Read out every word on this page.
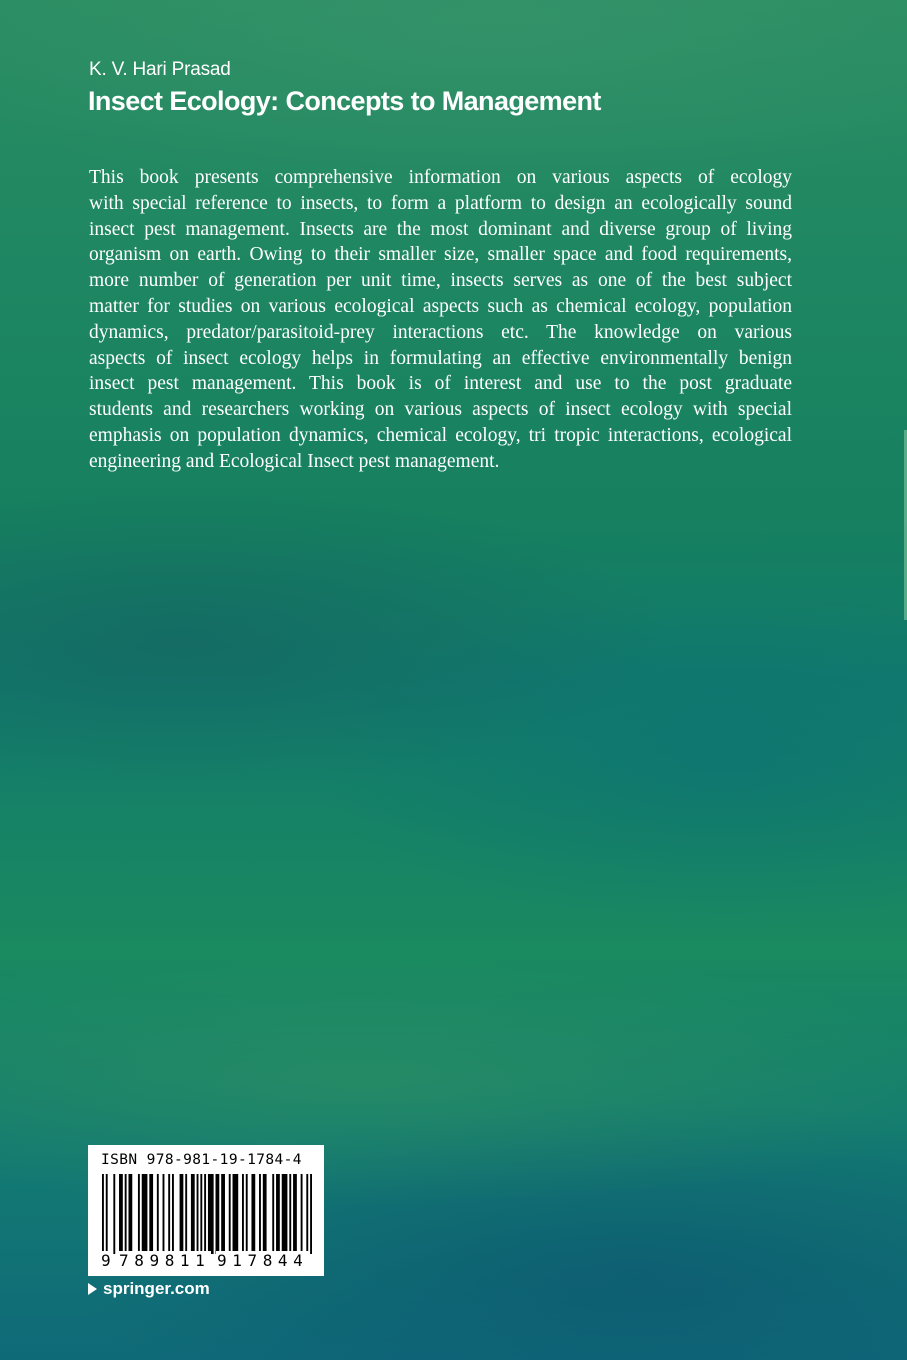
K. V. Hari Prasad
Insect Ecology: Concepts to Management
This book presents comprehensive information on various aspects of ecology
with special reference to insects, to form a platform to design an ecologically sound
insect pest management. Insects are the most dominant and diverse group of living
organism on earth. Owing to their smaller size, smaller space and food requirements,
more number of generation per unit time, insects serves as one of the best subject
matter for studies on various ecological aspects such as chemical ecology, population
dynamics, predator/parasitoid-prey interactions etc. The knowledge on various
aspects of insect ecology helps in formulating an effective environmentally benign
insect pest management. This book is of interest and use to the post graduate
students and researchers working on various aspects of insect ecology with special
emphasis on population dynamics, chemical ecology, tri tropic interactions, ecological
engineering and Ecological Insect pest management.
ISBN 978-981-19-1784-4
9 789811 917844
springer.com
